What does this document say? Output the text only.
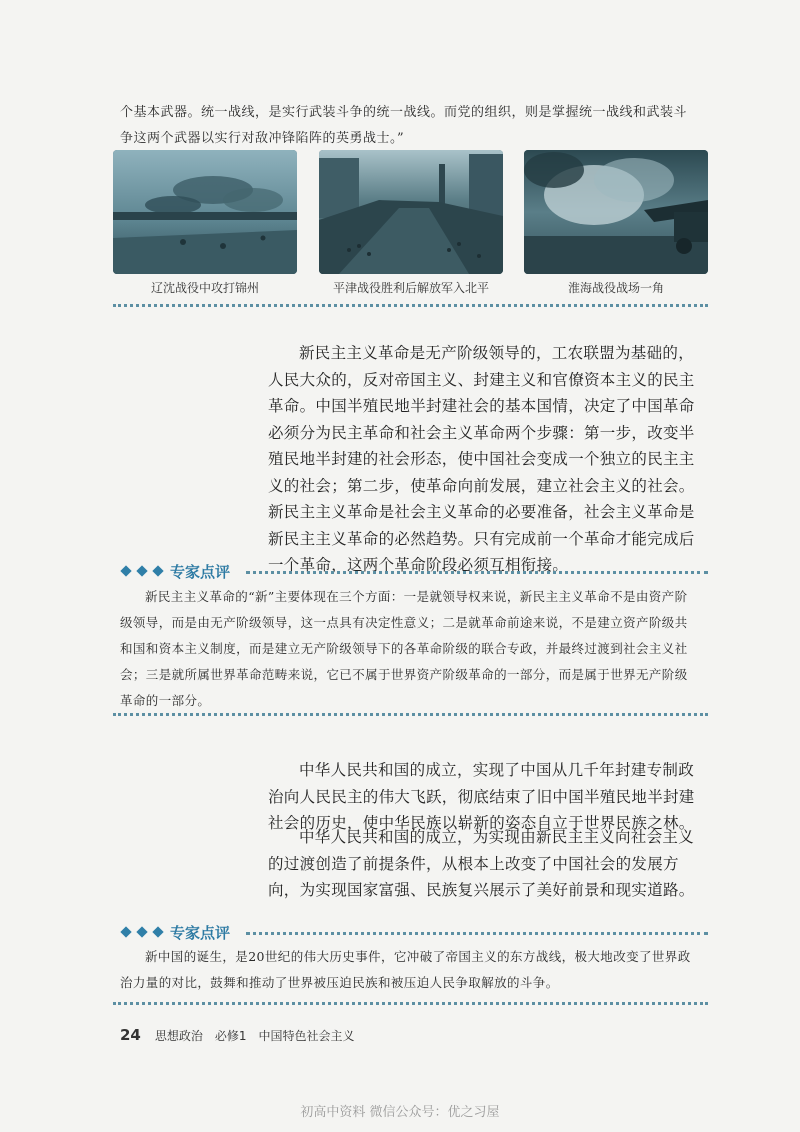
个基本武器。统一战线，是实行武装斗争的统一战线。而党的组织，则是掌握统一战线和武装斗争这两个武器以实行对敌冲锋陷阵的英勇战士。”
辽沈战役中攻打锦州	平津战役胜利后解放军入北平	淮海战役战场一角

新民主主义革命是无产阶级领导的，工农联盟为基础的，人民大众的，反对帝国主义、封建主义和官僚资本主义的民主革命。中国半殖民地半封建社会的基本国情，决定了中国革命必须分为民主革命和社会主义革命两个步骤：第一步，改变半殖民地半封建的社会形态，使中国社会变成一个独立的民主主义的社会；第二步，使革命向前发展，建立社会主义的社会。新民主主义革命是社会主义革命的必要准备，社会主义革命是新民主主义革命的必然趋势。只有完成前一个革命才能完成后一个革命，这两个革命阶段必须互相衔接。

专家点评

新民主主义革命的“新”主要体现在三个方面：一是就领导权来说，新民主主义革命不是由资产阶级领导，而是由无产阶级领导，这一点具有决定性意义；二是就革命前途来说，不是建立资产阶级共和国和资本主义制度，而是建立无产阶级领导下的各革命阶级的联合专政，并最终过渡到社会主义社会；三是就所属世界革命范畴来说，它已不属于世界资产阶级革命的一部分，而是属于世界无产阶级革命的一部分。

中华人民共和国的成立，实现了中国从几千年封建专制政治向人民民主的伟大飞跃，彻底结束了旧中国半殖民地半封建社会的历史，使中华民族以崭新的姿态自立于世界民族之林。

中华人民共和国的成立，为实现由新民主主义向社会主义的过渡创造了前提条件，从根本上改变了中国社会的发展方向，为实现国家富强、民族复兴展示了美好前景和现实道路。

专家点评

新中国的诞生，是20世纪的伟大历史事件，它冲破了帝国主义的东方战线，极大地改变了世界政治力量的对比，鼓舞和推动了世界被压迫民族和被压迫人民争取解放的斗争。

24 思想政治　必修1　中国特色社会主义
初高中资料 微信公众号：优之习屋
